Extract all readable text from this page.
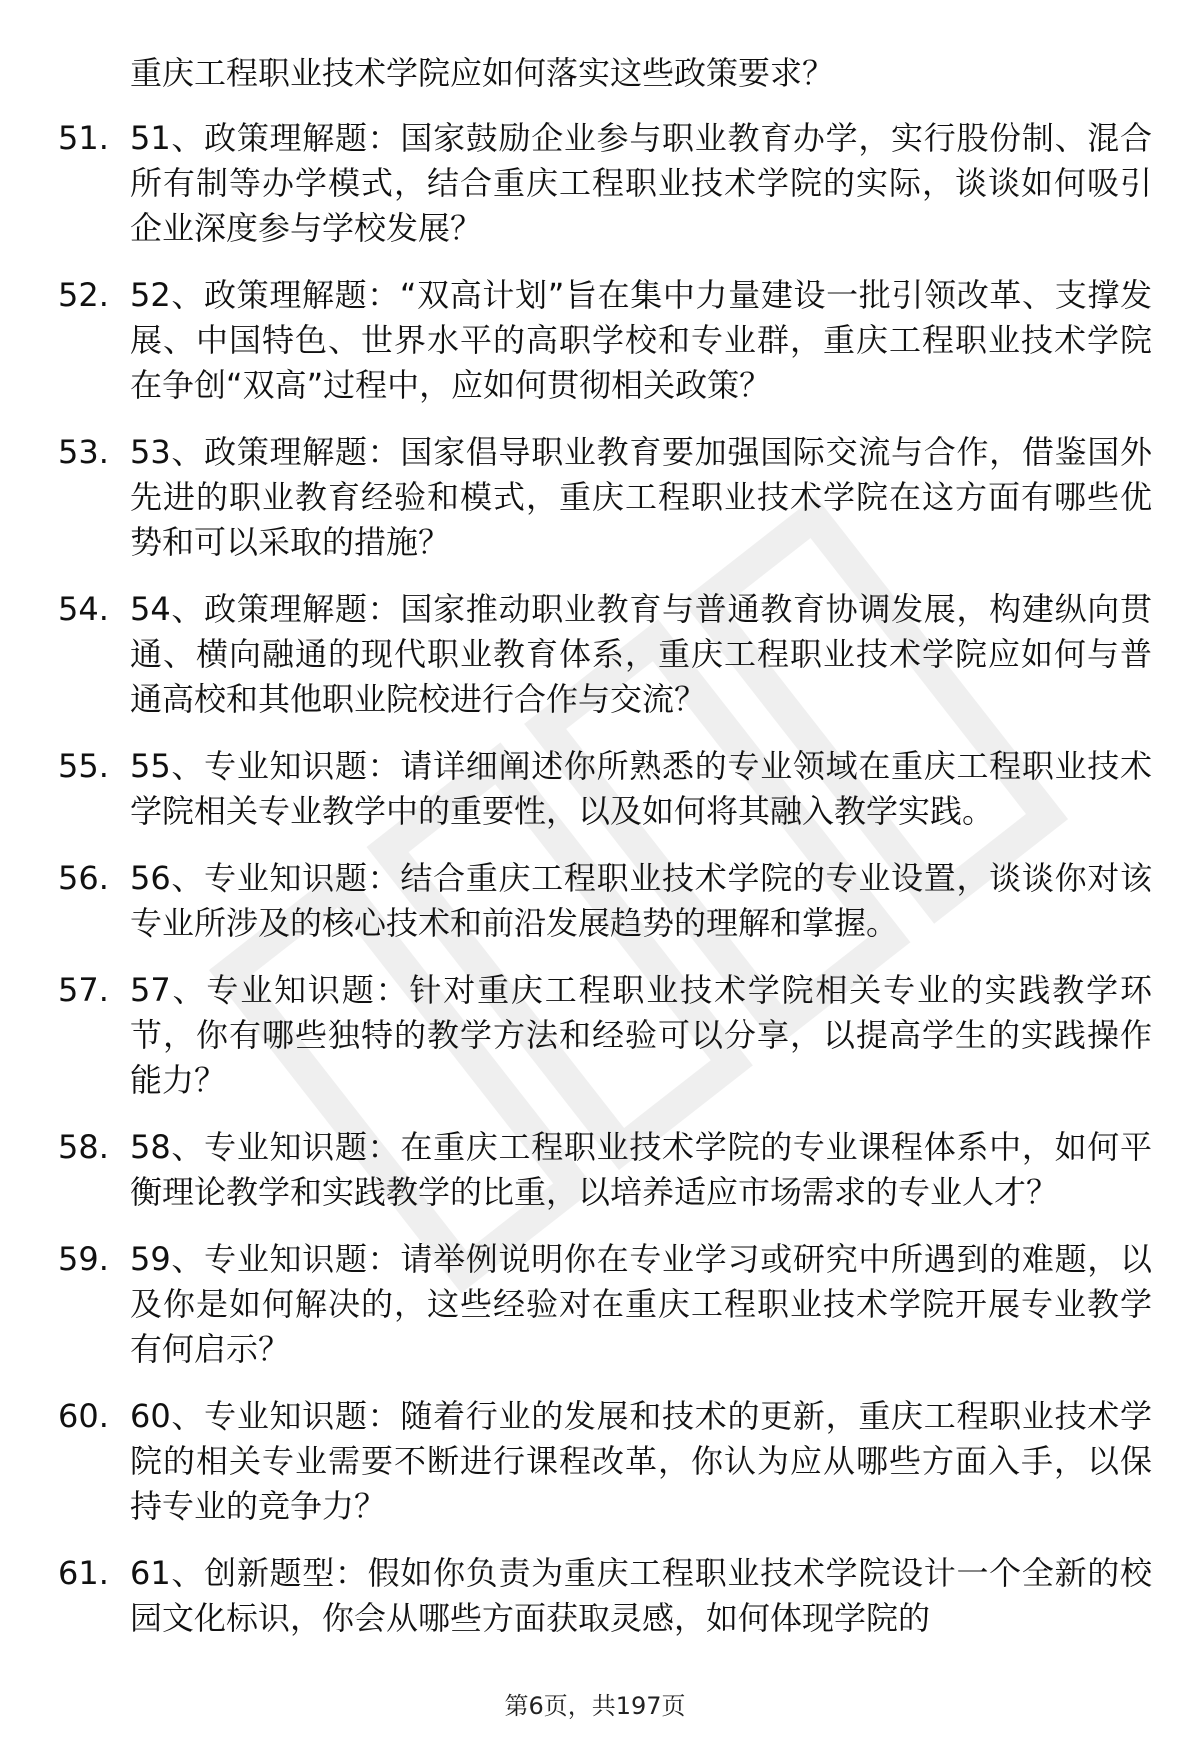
重庆工程职业技术学院应如何落实这些政策要求？

51. 51、政策理解题：国家鼓励企业参与职业教育办学，实行股份制、混合所有制等办学模式，结合重庆工程职业技术学院的实际，谈谈如何吸引企业深度参与学校发展？

52. 52、政策理解题：“双高计划”旨在集中力量建设一批引领改革、支撑发展、中国特色、世界水平的高职学校和专业群，重庆工程职业技术学院在争创“双高”过程中，应如何贯彻相关政策？

53. 53、政策理解题：国家倡导职业教育要加强国际交流与合作，借鉴国外先进的职业教育经验和模式，重庆工程职业技术学院在这方面有哪些优势和可以采取的措施？

54. 54、政策理解题：国家推动职业教育与普通教育协调发展，构建纵向贯通、横向融通的现代职业教育体系，重庆工程职业技术学院应如何与普通高校和其他职业院校进行合作与交流？

55. 55、专业知识题：请详细阐述你所熟悉的专业领域在重庆工程职业技术学院相关专业教学中的重要性，以及如何将其融入教学实践。

56. 56、专业知识题：结合重庆工程职业技术学院的专业设置，谈谈你对该专业所涉及的核心技术和前沿发展趋势的理解和掌握。

57. 57、专业知识题：针对重庆工程职业技术学院相关专业的实践教学环节，你有哪些独特的教学方法和经验可以分享，以提高学生的实践操作能力？

58. 58、专业知识题：在重庆工程职业技术学院的专业课程体系中，如何平衡理论教学和实践教学的比重，以培养适应市场需求的专业人才？

59. 59、专业知识题：请举例说明你在专业学习或研究中所遇到的难题，以及你是如何解决的，这些经验对在重庆工程职业技术学院开展专业教学有何启示？

60. 60、专业知识题：随着行业的发展和技术的更新，重庆工程职业技术学院的相关专业需要不断进行课程改革，你认为应从哪些方面入手，以保持专业的竞争力？

61. 61、创新题型：假如你负责为重庆工程职业技术学院设计一个全新的校园文化标识，你会从哪些方面获取灵感，如何体现学院的

第6页，共197页
